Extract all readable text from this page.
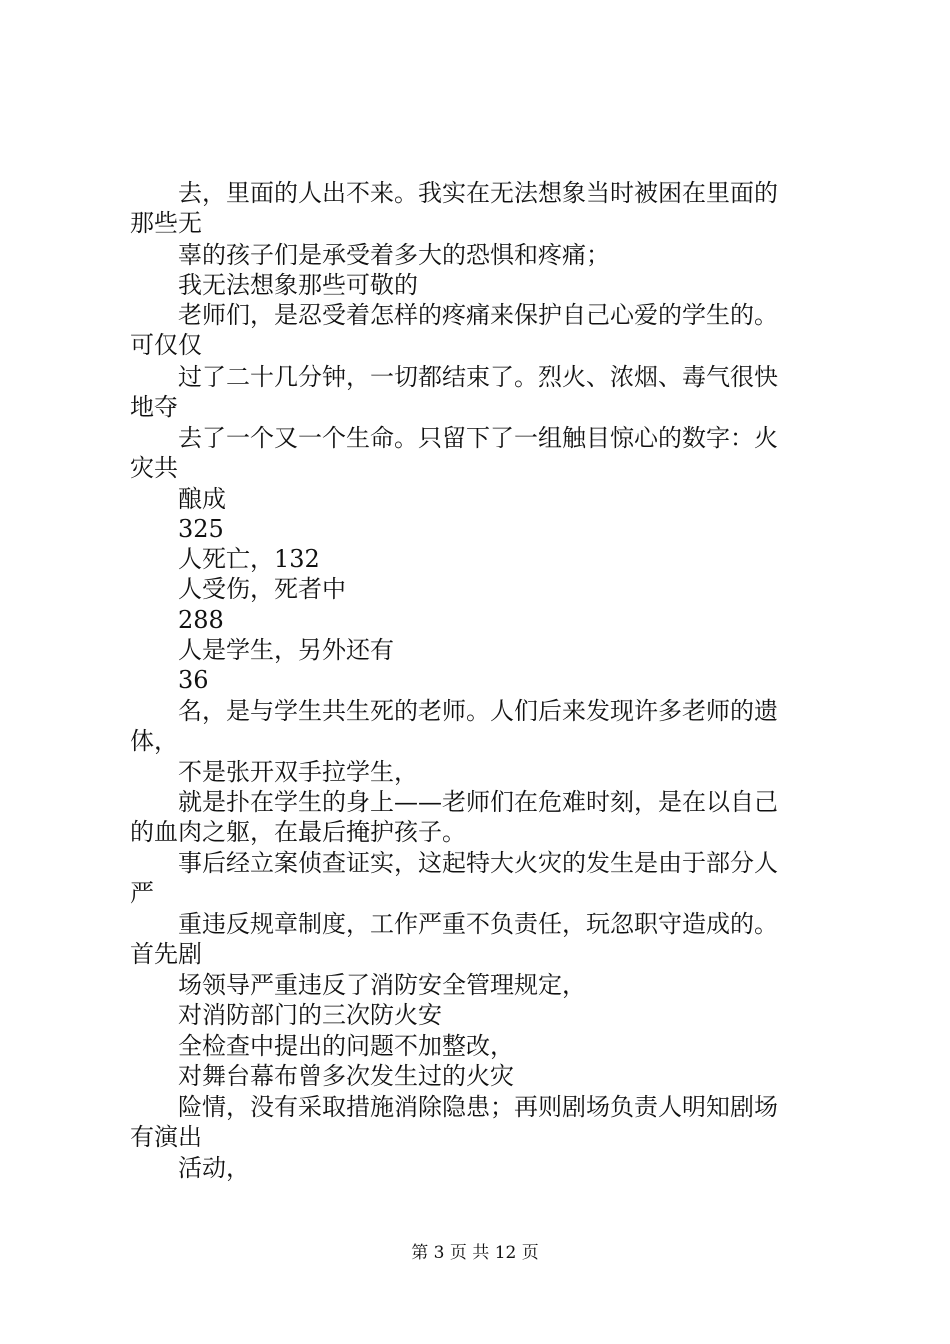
去，里面的人出不来。我实在无法想象当时被困在里面的
那些无
辜的孩子们是承受着多大的恐惧和疼痛；
我无法想象那些可敬的
老师们，是忍受着怎样的疼痛来保护自己心爱的学生的。
可仅仅
过了二十几分钟，一切都结束了。烈火、浓烟、毒气很快
地夺
去了一个又一个生命。只留下了一组触目惊心的数字：火
灾共
酿成
325
人死亡，132
人受伤，死者中
288
人是学生，另外还有
36
名，是与学生共生死的老师。人们后来发现许多老师的遗
体，
不是张开双手拉学生，
就是扑在学生的身上——老师们在危难时刻，是在以自己
的血肉之躯，在最后掩护孩子。
事后经立案侦查证实，这起特大火灾的发生是由于部分人
严
重违反规章制度，工作严重不负责任，玩忽职守造成的。
首先剧
场领导严重违反了消防安全管理规定，
对消防部门的三次防火安
全检查中提出的问题不加整改，
对舞台幕布曾多次发生过的火灾
险情，没有采取措施消除隐患；再则剧场负责人明知剧场
有演出
活动，
第 3 页 共 12 页
